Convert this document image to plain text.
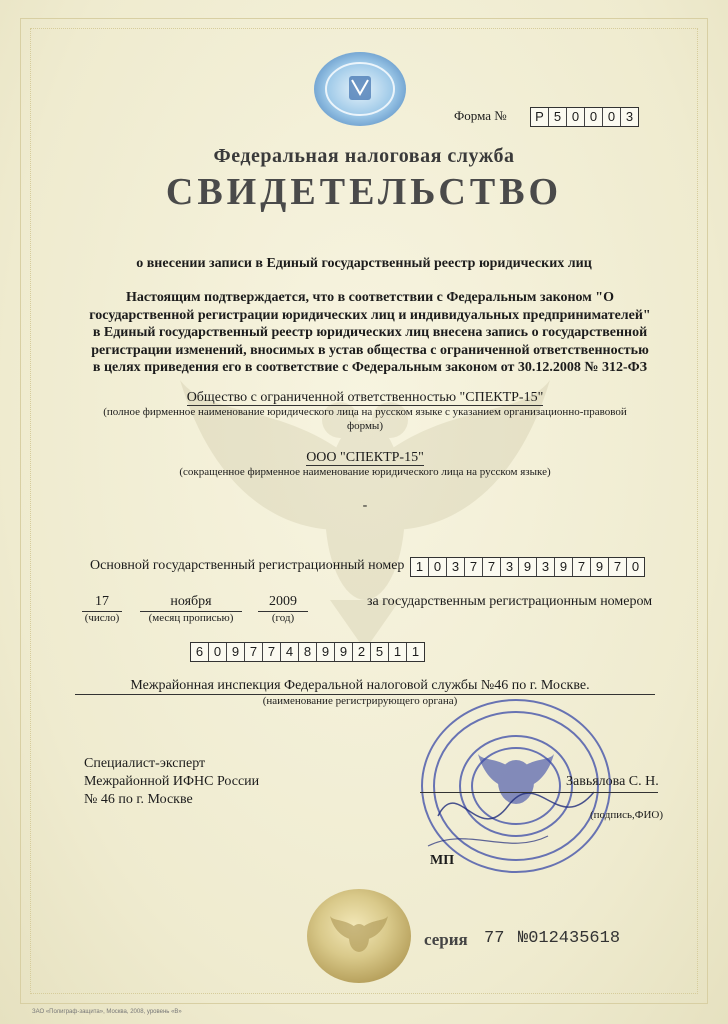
Форма №	Р 5 0 0 0 3
Федеральная налоговая служба
СВИДЕТЕЛЬСТВО
о внесении записи в Единый государственный реестр юридических лиц
Настоящим подтверждается, что в соответствии с Федеральным законом "О
государственной регистрации юридических лиц и индивидуальных предпринимателей"
в Единый государственный реестр юридических лиц внесена запись о государственной
регистрации изменений, вносимых в устав общества с ограниченной ответственностью
в целях приведения его в соответствие с Федеральным законом от 30.12.2008 № 312-ФЗ
Общество с ограниченной ответственностью "СПЕКТР-15"
(полное фирменное наименование юридического лица на русском языке с указанием организационно-правовой
формы)
ООО "СПЕКТР-15"
(сокращенное фирменное наименование юридического лица на русском языке)
-
Основной государственный регистрационный номер 1 0 3 7 7 3 9 3 9 7 9 7 0
17
(число)
ноября
(месяц прописью)
2009
(год)
за государственным регистрационным номером
6 0 9 7 7 4 8 9 9 2 5 1 1
Межрайонная инспекция Федеральной налоговой службы №46 по г. Москве.
(наименование регистрирующего органа)
Специалист-эксперт
Межрайонной ИФНС России
№ 46 по г. Москве
Завьялова С. Н.
(подпись,ФИО)
МП
серия 77 №012435618
ЗАО «Полиграф-защита», Москва, 2008, уровень «В»
